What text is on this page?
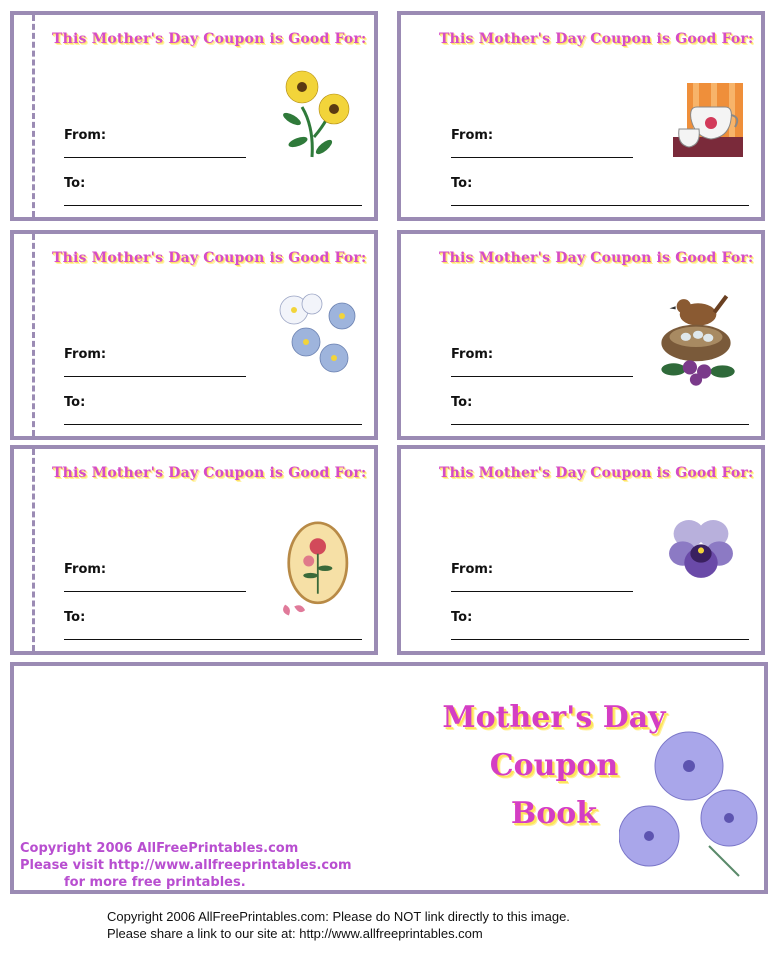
This Mother's Day Coupon is Good For:
From:
To:
This Mother's Day Coupon is Good For:
From:
To:
This Mother's Day Coupon is Good For:
From:
To:
This Mother's Day Coupon is Good For:
From:
To:
This Mother's Day Coupon is Good For:
From:
To:
This Mother's Day Coupon is Good For:
From:
To:
Mother's Day
Coupon
Book
Copyright 2006 AllFreePrintables.com
Please visit http://www.allfreeprintables.com
for more free printables.
Copyright 2006 AllFreePrintables.com: Please do NOT link directly to this image.
Please share a link to our site at: http://www.allfreeprintables.com
